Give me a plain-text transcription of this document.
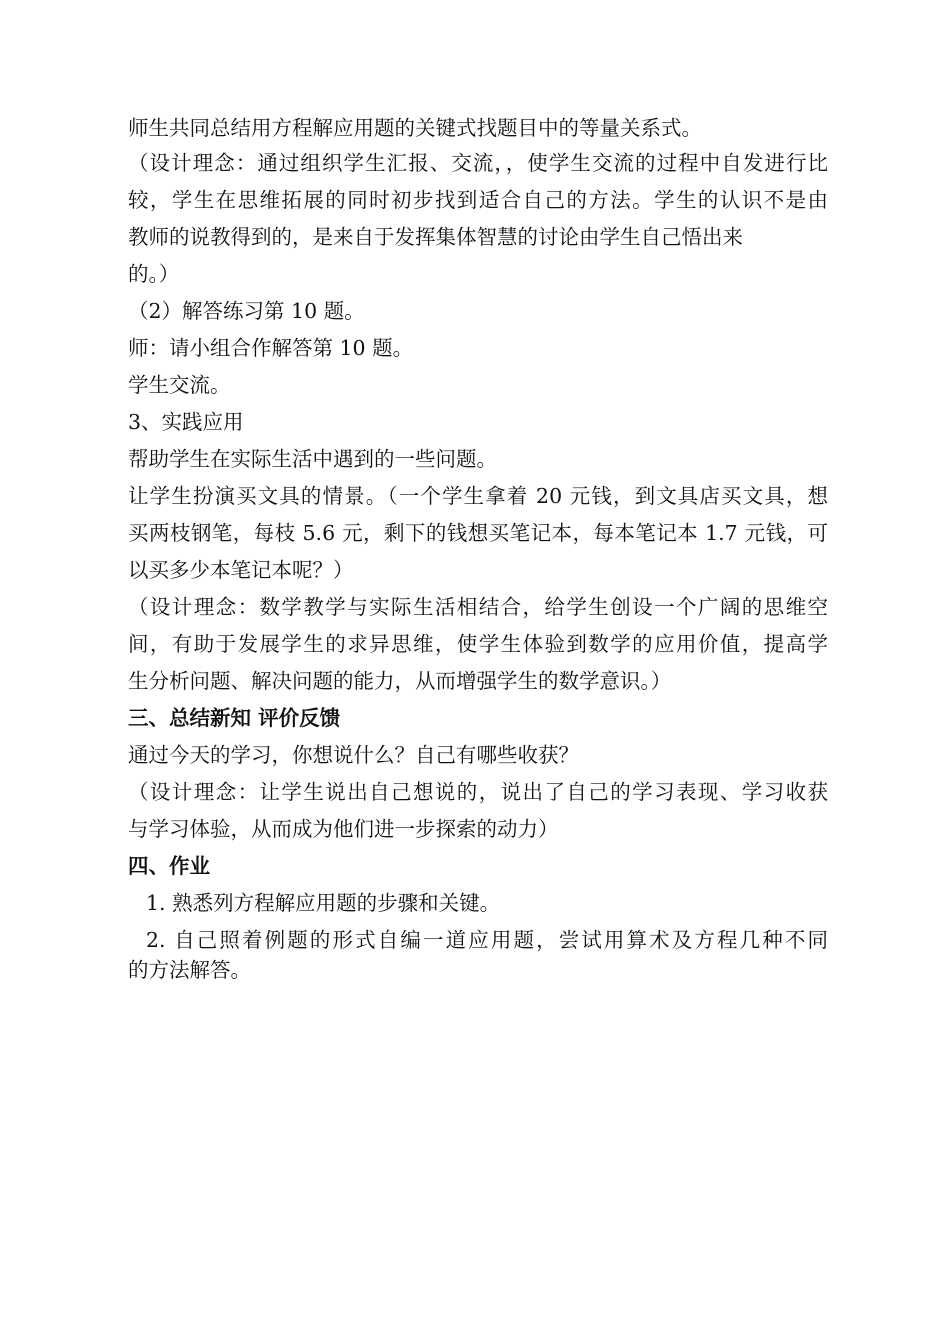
师生共同总结用方程解应用题的关键式找题目中的等量关系式。
（设计理念：通过组织学生汇报、交流，，使学生交流的过程中自发进行比
较，学生在思维拓展的同时初步找到适合自己的方法。学生的认识不是由
教师的说教得到的，是来自于发挥集体智慧的讨论由学生自己悟出来
的。）
（2）解答练习第 10 题。
师：请小组合作解答第 10 题。
学生交流。
3、实践应用
帮助学生在实际生活中遇到的一些问题。
让学生扮演买文具的情景。（一个学生拿着 20 元钱，到文具店买文具，想
买两枝钢笔，每枝 5.6 元，剩下的钱想买笔记本，每本笔记本 1.7 元钱，可
以买多少本笔记本呢？）
（设计理念：数学教学与实际生活相结合，给学生创设一个广阔的思维空
间，有助于发展学生的求异思维，使学生体验到数学的应用价值，提高学
生分析问题、解决问题的能力，从而增强学生的数学意识。）
三、总结新知 评价反馈
通过今天的学习，你想说什么？自己有哪些收获？
（设计理念：让学生说出自己想说的，说出了自己的学习表现、学习收获
与学习体验，从而成为他们进一步探索的动力）
四、作业
1. 熟悉列方程解应用题的步骤和关键。
2. 自己照着例题的形式自编一道应用题，尝试用算术及方程几种不同
的方法解答。
